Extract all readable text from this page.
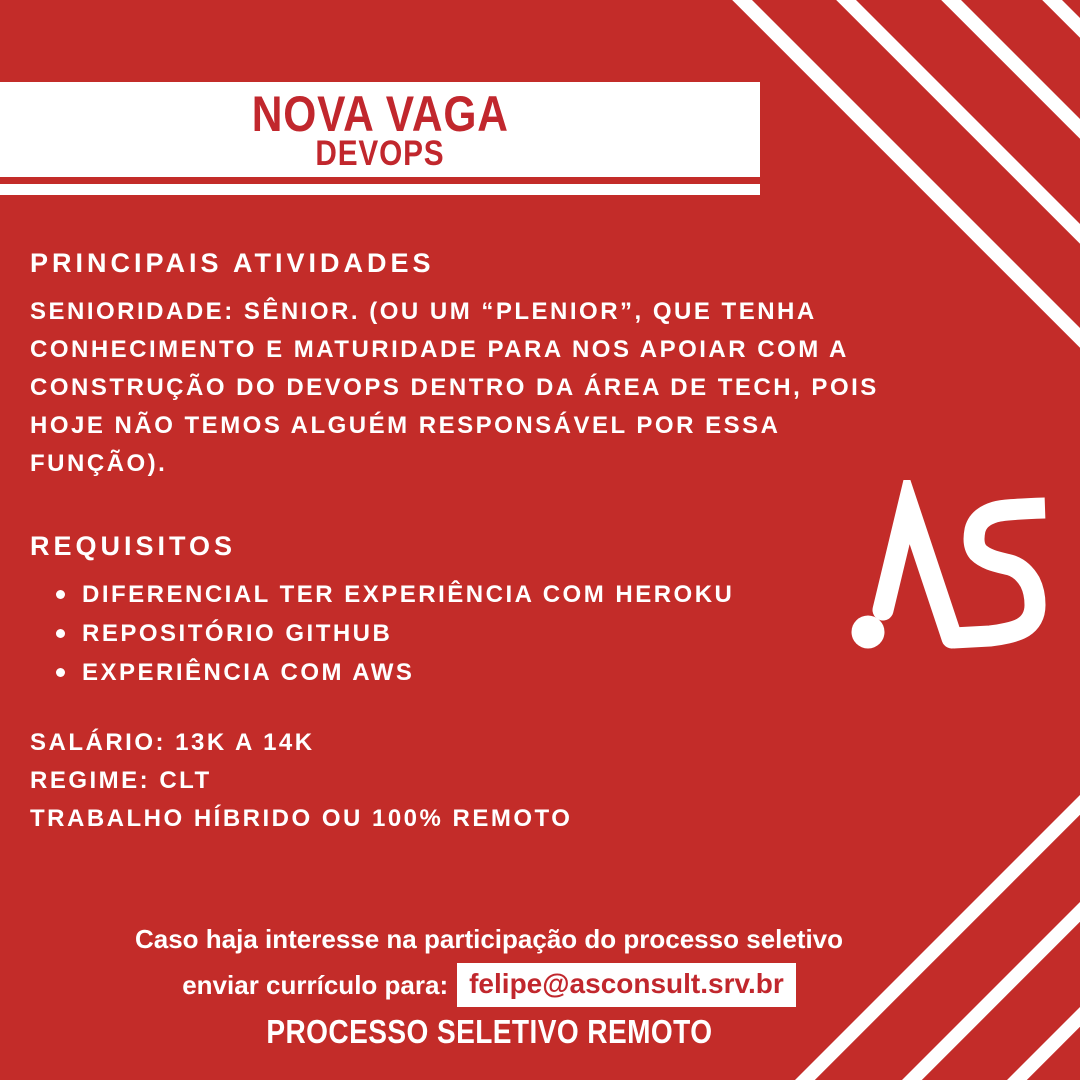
NOVA VAGA
DEVOPS
PRINCIPAIS ATIVIDADES
SENIORIDADE: SÊNIOR. (OU UM “PLENIOR”, QUE TENHA
CONHECIMENTO E MATURIDADE PARA NOS APOIAR COM A
CONSTRUÇÃO DO DEVOPS DENTRO DA ÁREA DE TECH, POIS
HOJE NÃO TEMOS ALGUÉM RESPONSÁVEL POR ESSA
FUNÇÃO).
REQUISITOS
DIFERENCIAL TER EXPERIÊNCIA COM HEROKU
REPOSITÓRIO GITHUB
EXPERIÊNCIA COM AWS
SALÁRIO: 13K A 14K
REGIME: CLT
TRABALHO HÍBRIDO OU 100% REMOTO
Caso haja interesse na participação do processo seletivo
enviar currículo para: felipe@asconsult.srv.br
PROCESSO SELETIVO REMOTO
